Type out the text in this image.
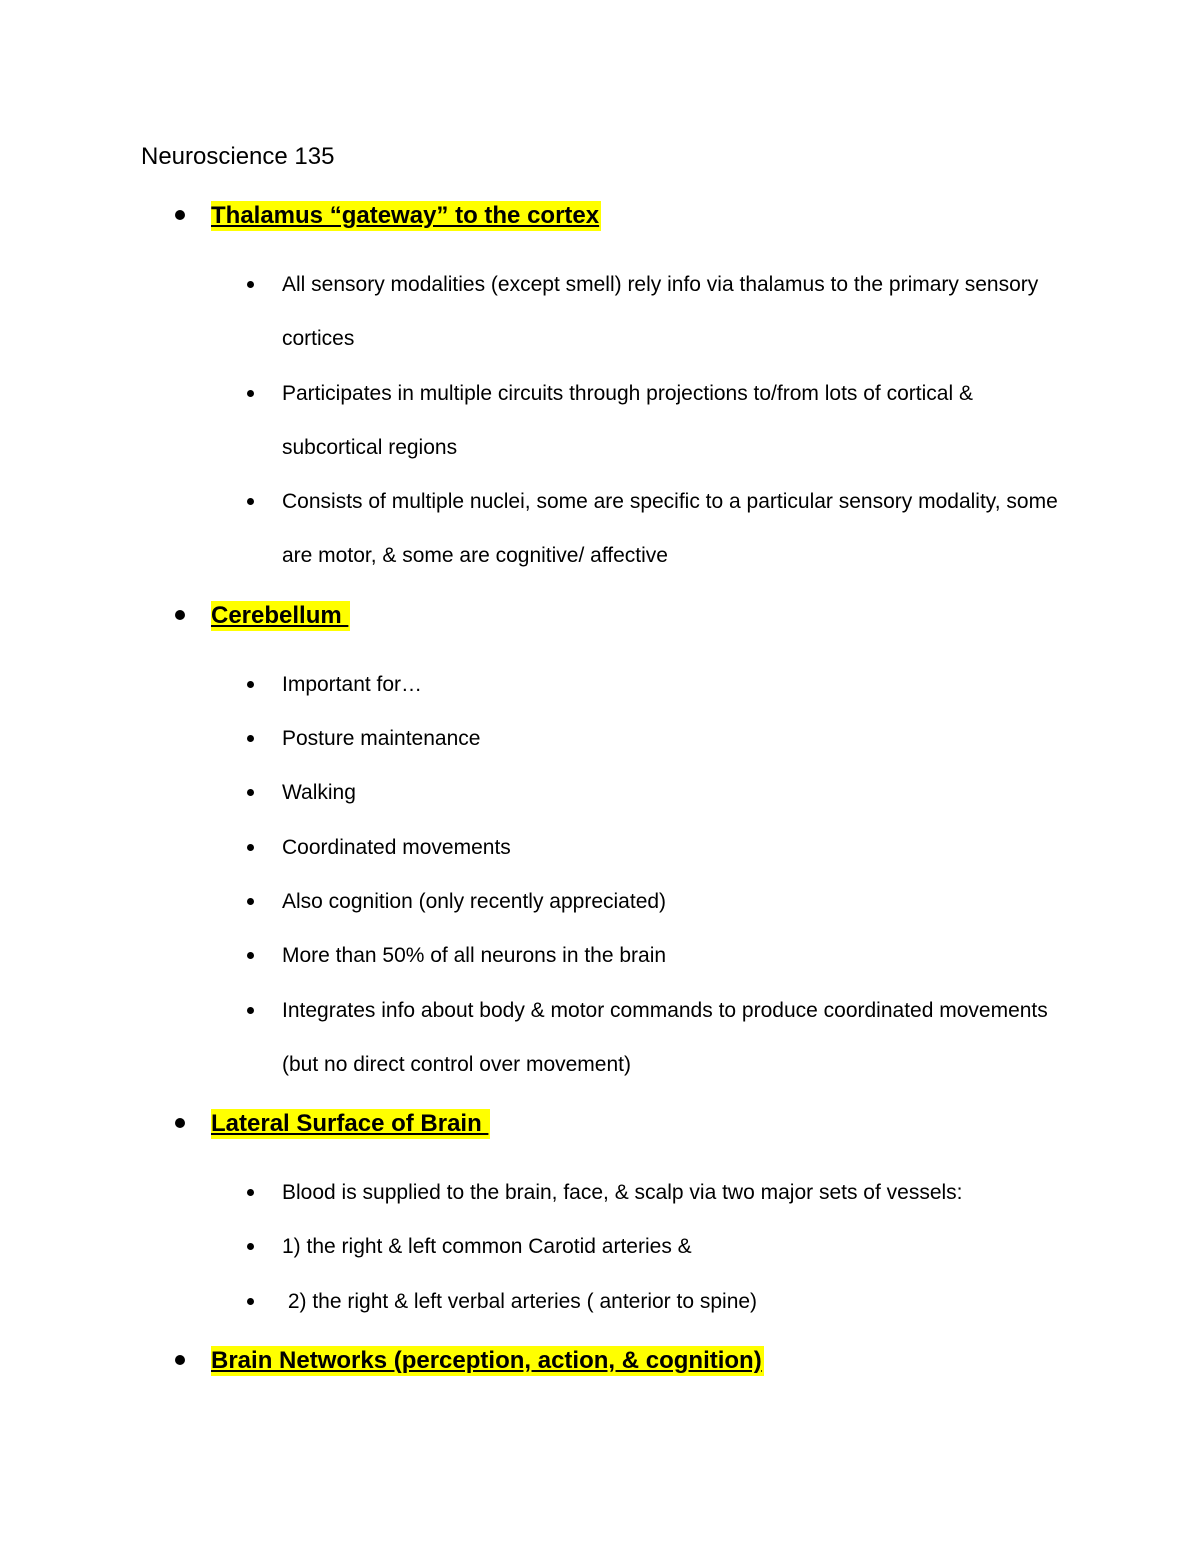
Neuroscience 135
Thalamus “gateway” to the cortex
All sensory modalities (except smell) rely info via thalamus to the primary sensory cortices
Participates in multiple circuits through projections to/from lots of cortical & subcortical regions
Consists of multiple nuclei, some are specific to a particular sensory modality, some are motor, & some are cognitive/ affective
Cerebellum
Important for…
Posture maintenance
Walking
Coordinated movements
Also cognition (only recently appreciated)
More than 50% of all neurons in the brain
Integrates info about body & motor commands to produce coordinated movements (but no direct control over movement)
Lateral Surface of Brain
Blood is supplied to the brain, face, & scalp via two major sets of vessels:
1) the right & left common Carotid arteries &
2) the right & left verbal arteries ( anterior to spine)
Brain Networks (perception, action, & cognition)
